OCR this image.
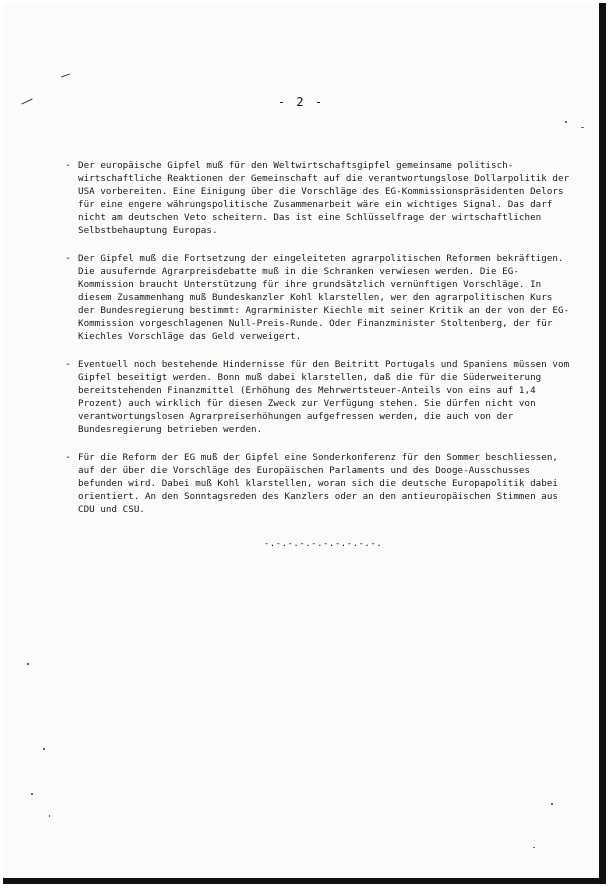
- 2 -
- Der europäische Gipfel muß für den Weltwirtschaftsgipfel gemeinsame politisch-wirtschaftliche Reaktionen der Gemeinschaft auf die verantwortungslose Dollarpolitik der USA vorbereiten. Eine Einigung über die Vorschläge des EG-Kommissionspräsidenten Delors für eine engere währungspolitische Zusammenarbeit wäre ein wichtiges Signal. Das darf nicht am deutschen Veto scheitern. Das ist eine Schlüsselfrage der wirtschaftlichen Selbstbehauptung Europas.
- Der Gipfel muß die Fortsetzung der eingeleiteten agrarpolitischen Reformen bekräftigen. Die ausufernde Agrarpreisdebatte muß in die Schranken verwiesen werden. Die EG-Kommission braucht Unterstützung für ihre grundsätzlich vernünftigen Vorschläge. In diesem Zusammenhang muß Bundeskanzler Kohl klarstellen, wer den agrarpolitischen Kurs der Bundesregierung bestimmt: Agrarminister Kiechle mit seiner Kritik an der von der EG-Kommission vorgeschlagenen Null-Preis-Runde. Oder Finanzminister Stoltenberg, der für Kiechles Vorschläge das Geld verweigert.
- Eventuell noch bestehende Hindernisse für den Beitritt Portugals und Spaniens müssen vom Gipfel beseitigt werden. Bonn muß dabei klarstellen, daß die für die Süderweiterung bereitstehenden Finanzmittel (Erhöhung des Mehrwertsteuer-Anteils von eins auf 1,4 Prozent) auch wirklich für diesen Zweck zur Verfügung stehen. Sie dürfen nicht von verantwortungslosen Agrarpreiserhöhungen aufgefressen werden, die auch von der Bundesregierung betrieben werden.
- Für die Reform der EG muß der Gipfel eine Sonderkonferenz für den Sommer beschliessen, auf der über die Vorschläge des Europäischen Parlaments und des Dooge-Ausschusses befunden wird. Dabei muß Kohl klarstellen, woran sich die deutsche Europapolitik dabei orientiert. An den Sonntagsreden des Kanzlers oder an den antieuropäischen Stimmen aus CDU und CSU.
-.-.-.-.-.-.-.-.-.-.
